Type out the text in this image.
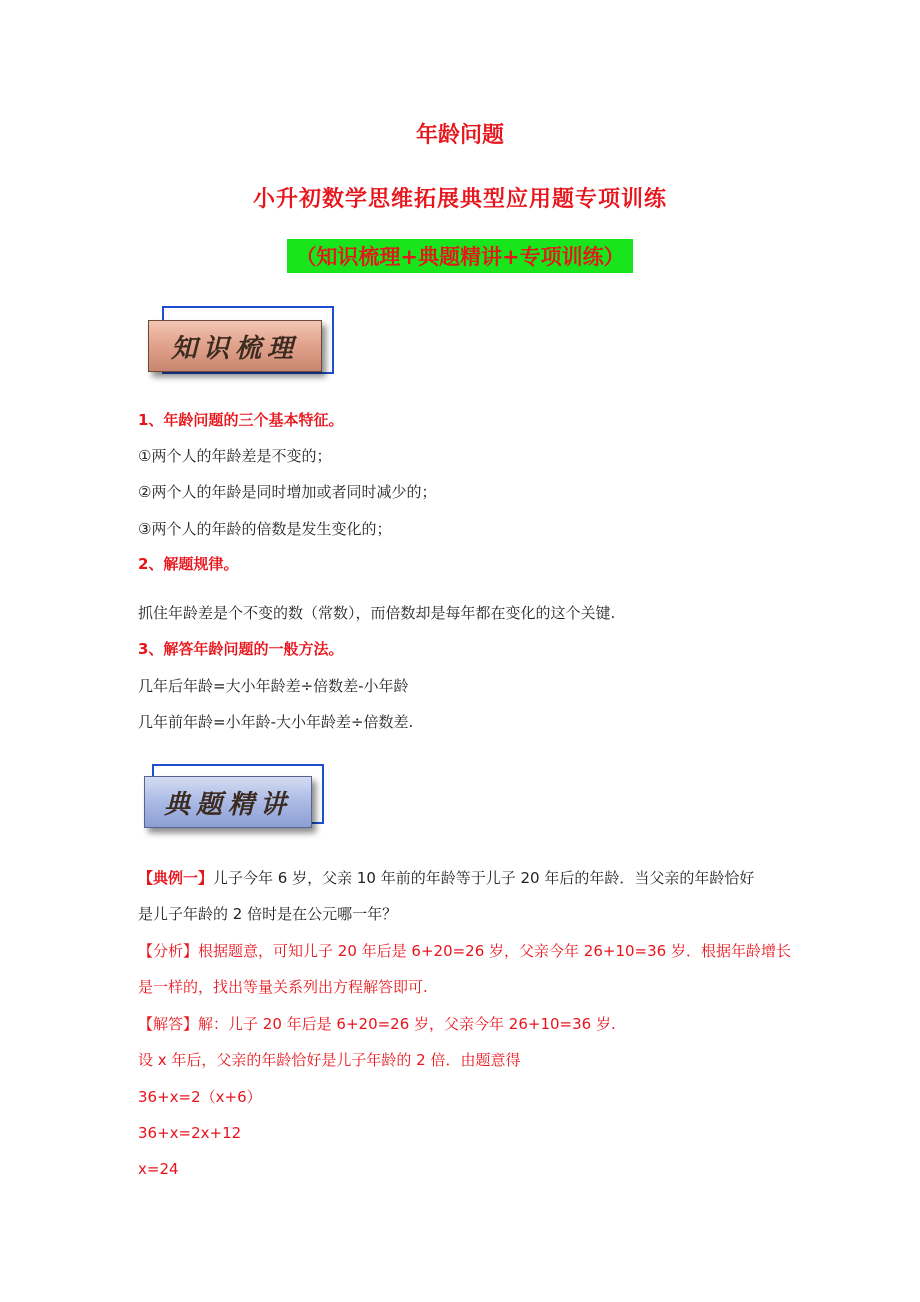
年龄问题
小升初数学思维拓展典型应用题专项训练
（知识梳理+典题精讲+专项训练）
知识梳理
1、年龄问题的三个基本特征。
①两个人的年龄差是不变的；
②两个人的年龄是同时增加或者同时减少的；
③两个人的年龄的倍数是发生变化的；
2、解题规律。
抓住年龄差是个不变的数（常数），而倍数却是每年都在变化的这个关键.
3、解答年龄问题的一般方法。
几年后年龄=大小年龄差÷倍数差-小年龄
几年前年龄=小年龄-大小年龄差÷倍数差.
典题精讲
【典例一】儿子今年 6 岁，父亲 10 年前的年龄等于儿子 20 年后的年龄．当父亲的年龄恰好
是儿子年龄的 2 倍时是在公元哪一年？
【分析】根据题意，可知儿子 20 年后是 6+20=26 岁，父亲今年 26+10=36 岁．根据年龄增长
是一样的，找出等量关系列出方程解答即可.
【解答】解：儿子 20 年后是 6+20=26 岁，父亲今年 26+10=36 岁.
设 x 年后，父亲的年龄恰好是儿子年龄的 2 倍．由题意得
36+x=2（x+6）
36+x=2x+12
x=24
